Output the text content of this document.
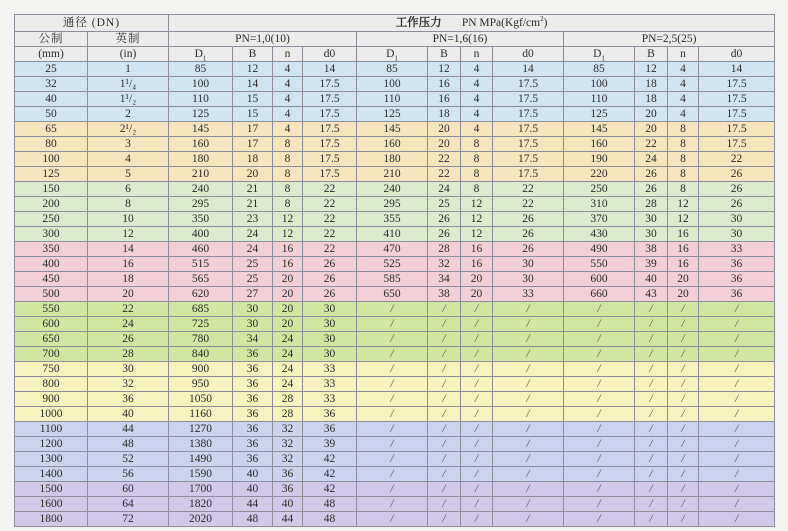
通径 (DN)		工作压力 PN $MPa(Kgf/cm^2)$											
公制	英制	PN=1,0(10)				PN=1,6(16)				PN=2,5(25)			
(mm)	(in)	$D_1$	B	n	d0	$D_1$	B	n	d0	$D_1$	B	n	d0
25	1	85	12	4	14	85	12	4	14	85	12	4	14
32	1¹/₄	100	14	4	17.5	100	16	4	17.5	100	18	4	17.5
40	1¹/₂	110	15	4	17.5	110	16	4	17.5	110	18	4	17.5
50	2	125	15	4	17.5	125	18	4	17.5	125	20	4	17.5
65	2¹/₂	145	17	4	17.5	145	20	4	17.5	145	20	8	17.5
80	3	160	17	8	17.5	160	20	8	17.5	160	22	8	17.5
100	4	180	18	8	17.5	180	22	8	17.5	190	24	8	22
125	5	210	20	8	17.5	210	22	8	17.5	220	26	8	26
150	6	240	21	8	22	240	24	8	22	250	26	8	26
200	8	295	21	8	22	295	25	12	22	310	28	12	26
250	10	350	23	12	22	355	26	12	26	370	30	12	30
300	12	400	24	12	22	410	26	12	26	430	30	16	30
350	14	460	24	16	22	470	28	16	26	490	38	16	33
400	16	515	25	16	26	525	32	16	30	550	39	16	36
450	18	565	25	20	26	585	34	20	30	600	40	20	36
500	20	620	27	20	26	650	38	20	33	660	43	20	36
550	22	685	30	20	30	/	/	/	/	/	/	/	/
600	24	725	30	20	30	/	/	/	/	/	/	/	/
650	26	780	34	24	30	/	/	/	/	/	/	/	/
700	28	840	36	24	30	/	/	/	/	/	/	/	/
750	30	900	36	24	33	/	/	/	/	/	/	/	/
800	32	950	36	24	33	/	/	/	/	/	/	/	/
900	36	1050	36	28	33	/	/	/	/	/	/	/	/
1000	40	1160	36	28	36	/	/	/	/	/	/	/	/
1100	44	1270	36	32	36	/	/	/	/	/	/	/	/
1200	48	1380	36	32	39	/	/	/	/	/	/	/	/
1300	52	1490	36	32	42	/	/	/	/	/	/	/	/
1400	56	1590	40	36	42	/	/	/	/	/	/	/	/
1500	60	1700	40	36	42	/	/	/	/	/	/	/	/
1600	64	1820	44	40	48	/	/	/	/	/	/	/	/
1800	72	2020	48	44	48	/	/	/	/	/	/	/	/
